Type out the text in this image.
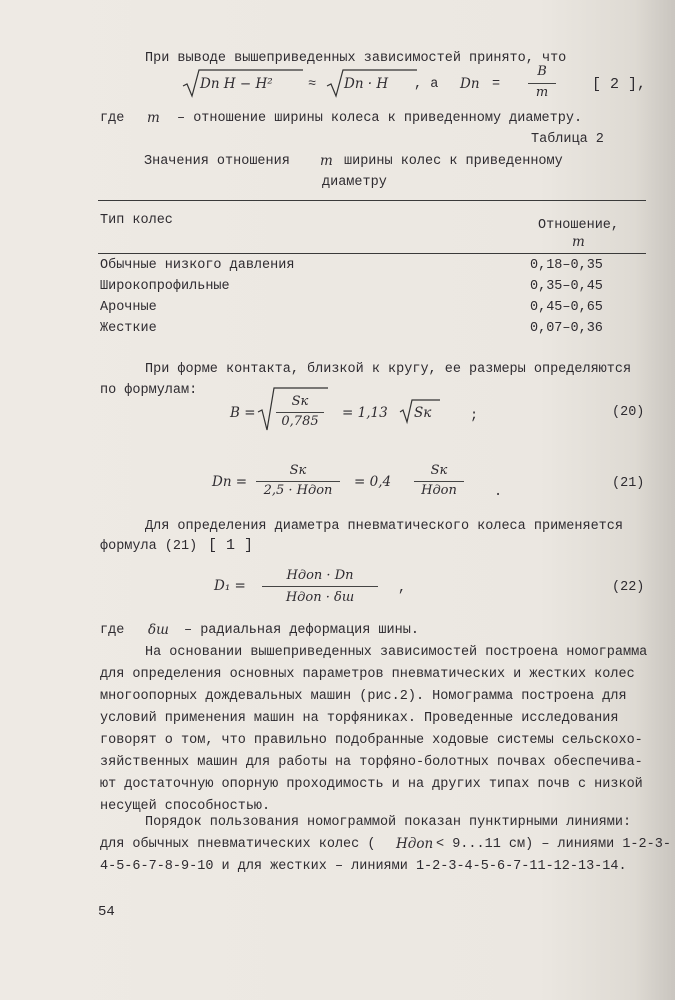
При выводе вышеприведенных зависимостей принято, что
Dn H − H²	≈ Dn · H , а Dn =
B
m	[ 2 ],
где m – отношение ширины колеса к приведенному диаметру.
Таблица 2
Значения отношения m ширины колес к приведенному
диаметру
Тип колес	Отношение,
m
Обычные низкого давления	0,18–0,35
Широкопрофильные	0,35–0,45
Арочные	0,45–0,65
Жесткие	0,07–0,36
При форме контакта, близкой к кругу, ее размеры определяются
по формулам:
B =
Sк
0,785
= 1,13 Sк	;	(20)
Dп =
Sк
2,5 · Hдоп
= 0,4
Sк
Hдоп	.
(21)
Для определения диаметра пневматического колеса применяется
формула (21) [ 1 ]
D₁ =
Hдоп · Dп
Hдоп · δш
,	(22)
где δш – радиальная деформация шины.
На основании вышеприведенных зависимостей построена номограмма
для определения основных параметров пневматических и жестких колес
многоопорных дождевальных машин (рис.2). Номограмма построена для
условий применения машин на торфяниках. Проведенные исследования
говорят о том, что правильно подобранные ходовые системы сельскохо-
зяйственных машин для работы на торфяно-болотных почвах обеспечива-
ют достаточную опорную проходимость и на других типах почв с низкой
несущей способностью.
Порядок пользования номограммой показан пунктирными линиями:
для обычных пневматических колес ( Hдоп < 9...11 см) – линиями 1-2-3-
4-5-6-7-8-9-10 и для жестких – линиями 1-2-3-4-5-6-7-11-12-13-14.
54
